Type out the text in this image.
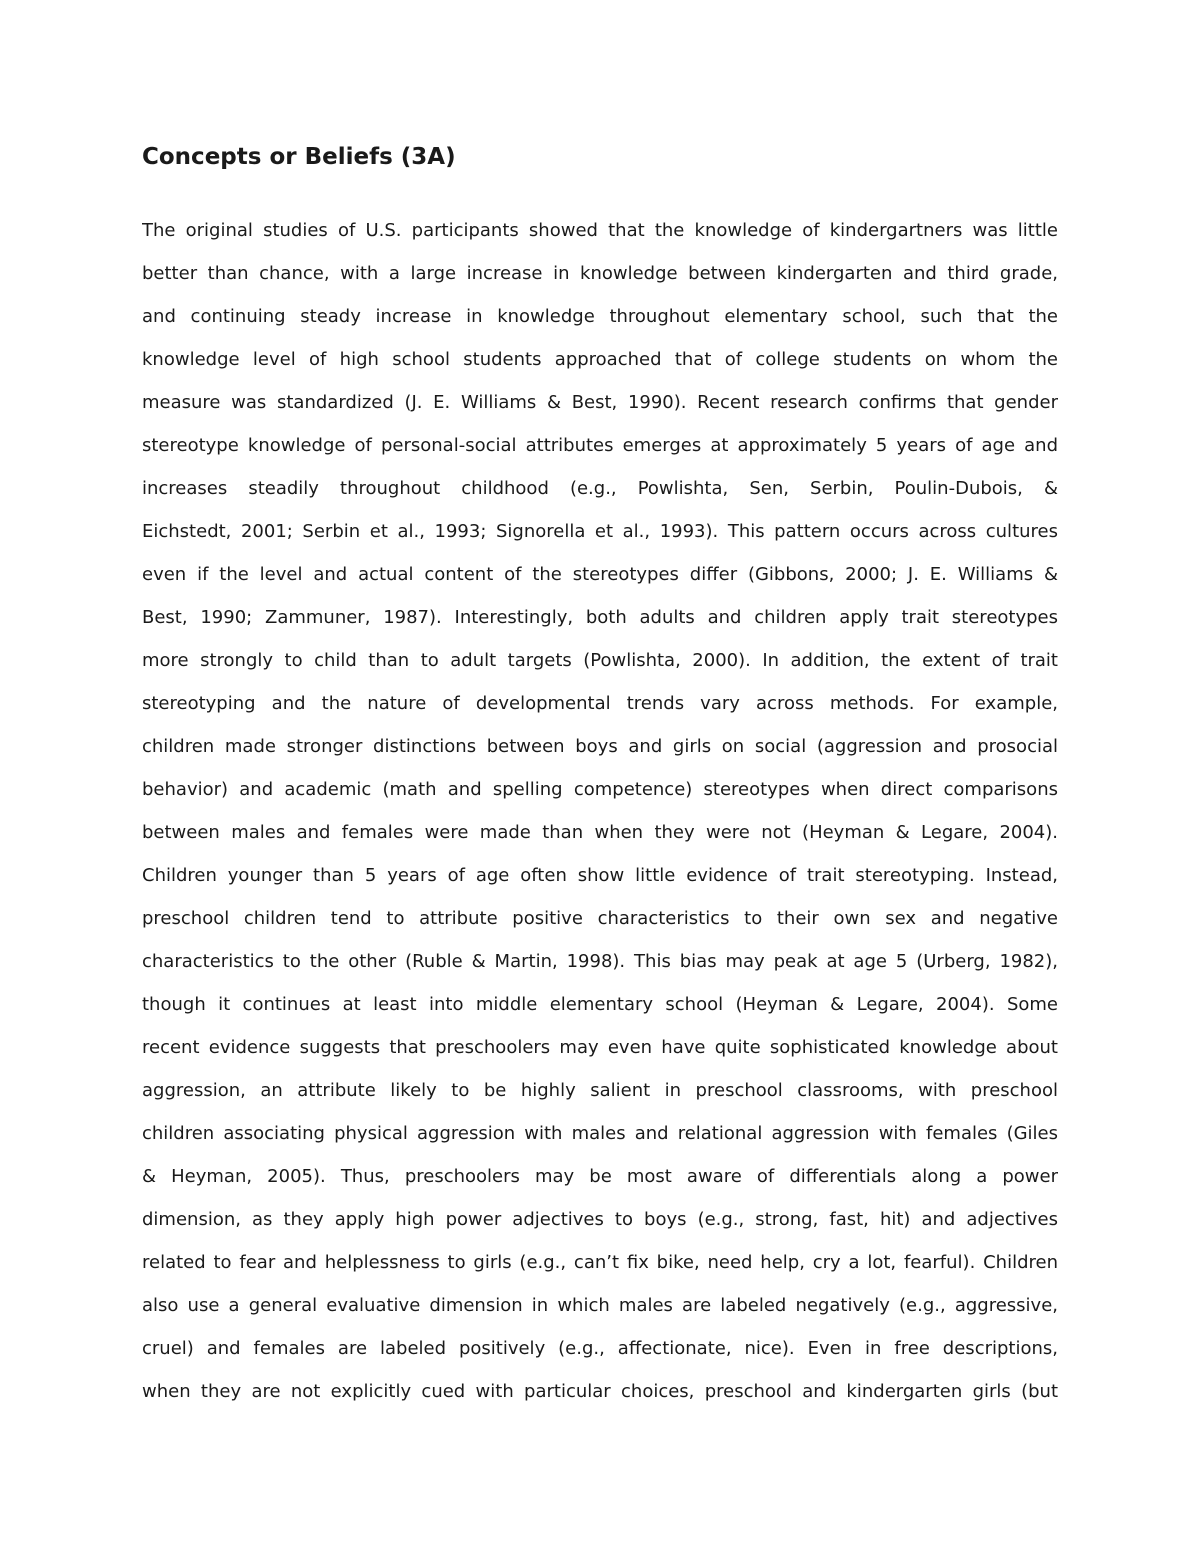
Concepts or Beliefs (3A)
The original studies of U.S. participants showed that the knowledge of kindergartners was little
better than chance, with a large increase in knowledge between kindergarten and third grade,
and continuing steady increase in knowledge throughout elementary school, such that the
knowledge level of high school students approached that of college students on whom the
measure was standardized (J. E. Williams & Best, 1990). Recent research confirms that gender
stereotype knowledge of personal-social attributes emerges at approximately 5 years of age and
increases steadily throughout childhood (e.g., Powlishta, Sen, Serbin, Poulin-Dubois, &
Eichstedt, 2001; Serbin et al., 1993; Signorella et al., 1993). This pattern occurs across cultures
even if the level and actual content of the stereotypes differ (Gibbons, 2000; J. E. Williams &
Best, 1990; Zammuner, 1987). Interestingly, both adults and children apply trait stereotypes
more strongly to child than to adult targets (Powlishta, 2000). In addition, the extent of trait
stereotyping and the nature of developmental trends vary across methods. For example,
children made stronger distinctions between boys and girls on social (aggression and prosocial
behavior) and academic (math and spelling competence) stereotypes when direct comparisons
between males and females were made than when they were not (Heyman & Legare, 2004).
Children younger than 5 years of age often show little evidence of trait stereotyping. Instead,
preschool children tend to attribute positive characteristics to their own sex and negative
characteristics to the other (Ruble & Martin, 1998). This bias may peak at age 5 (Urberg, 1982),
though it continues at least into middle elementary school (Heyman & Legare, 2004). Some
recent evidence suggests that preschoolers may even have quite sophisticated knowledge about
aggression, an attribute likely to be highly salient in preschool classrooms, with preschool
children associating physical aggression with males and relational aggression with females (Giles
& Heyman, 2005). Thus, preschoolers may be most aware of differentials along a power
dimension, as they apply high power adjectives to boys (e.g., strong, fast, hit) and adjectives
related to fear and helplessness to girls (e.g., can’t fix bike, need help, cry a lot, fearful). Children
also use a general evaluative dimension in which males are labeled negatively (e.g., aggressive,
cruel) and females are labeled positively (e.g., affectionate, nice). Even in free descriptions,
when they are not explicitly cued with particular choices, preschool and kindergarten girls (but
